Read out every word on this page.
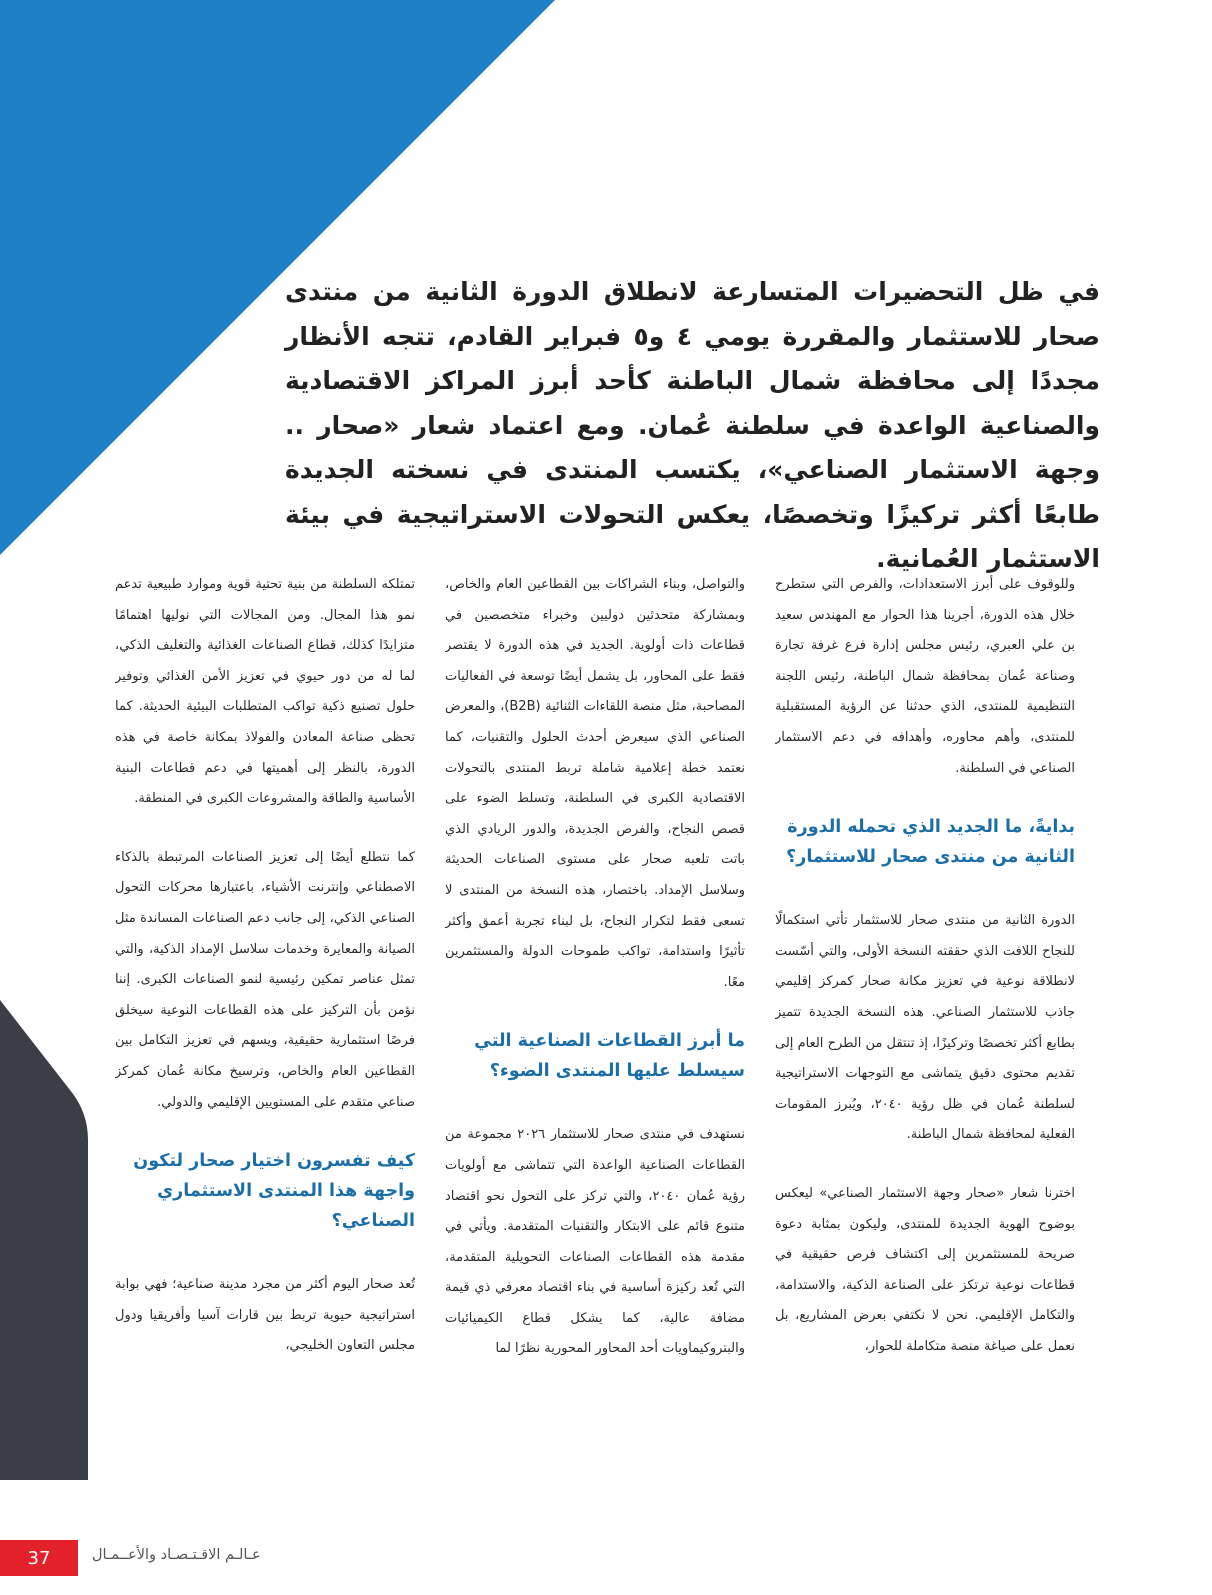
في ظل التحضيرات المتسارعة لانطلاق الدورة الثانية من منتدى صحار للاستثمار والمقررة يومي ٤ و٥ فبراير القادم، تتجه الأنظار مجددًا إلى محافظة شمال الباطنة كأحد أبرز المراكز الاقتصادية والصناعية الواعدة في سلطنة عُمان. ومع اعتماد شعار «صحار .. وجهة الاستثمار الصناعي»، يكتسب المنتدى في نسخته الجديدة طابعًا أكثر تركيزًا وتخصصًا، يعكس التحولات الاستراتيجية في بيئة الاستثمار العُمانية.

وللوقوف على أبرز الاستعدادات، والفرص التي ستطرح خلال هذه الدورة، أجرينا هذا الحوار مع المهندس سعيد بن علي العبري، رئيس مجلس إدارة فرع غرفة تجارة وصناعة عُمان بمحافظة شمال الباطنة، رئيس اللجنة التنظيمية للمنتدى، الذي حدثنا عن الرؤية المستقبلية للمنتدى، وأهم محاوره، وأهدافه في دعم الاستثمار الصناعي في السلطنة.

بدايةً، ما الجديد الذي تحمله الدورة الثانية من منتدى صحار للاستثمار؟

الدورة الثانية من منتدى صحار للاستثمار تأتي استكمالًا للنجاح اللافت الذي حققته النسخة الأولى، والتي أسّست لانطلاقة نوعية في تعزيز مكانة صحار كمركز إقليمي جاذب للاستثمار الصناعي. هذه النسخة الجديدة تتميز بطابع أكثر تخصصًا وتركيزًا، إذ تنتقل من الطرح العام إلى تقديم محتوى دقيق يتماشى مع التوجهات الاستراتيجية لسلطنة عُمان في ظل رؤية ٢٠٤٠، ويُبرز المقومات الفعلية لمحافظة شمال الباطنة.

اخترنا شعار «صحار وجهة الاستثمار الصناعي» ليعكس بوضوح الهوية الجديدة للمنتدى، وليكون بمثابة دعوة صريحة للمستثمرين إلى اكتشاف فرص حقيقية في قطاعات نوعية ترتكز على الصناعة الذكية، والاستدامة، والتكامل الإقليمي. نحن لا نكتفي بعرض المشاريع، بل نعمل على صياغة منصة متكاملة للحوار،

والتواصل، وبناء الشراكات بين القطاعين العام والخاص، وبمشاركة متحدثين دوليين وخبراء متخصصين في قطاعات ذات أولوية. الجديد في هذه الدورة لا يقتصر فقط على المحاور، بل يشمل أيضًا توسعة في الفعاليات المصاحبة، مثل منصة اللقاءات الثنائية (B2B)، والمعرض الصناعي الذي سيعرض أحدث الحلول والتقنيات، كما نعتمد خطة إعلامية شاملة تربط المنتدى بالتحولات الاقتصادية الكبرى في السلطنة، وتسلط الضوء على قصص النجاح، والفرص الجديدة، والدور الريادي الذي باتت تلعبه صحار على مستوى الصناعات الحديثة وسلاسل الإمداد. باختصار، هذه النسخة من المنتدى لا تسعى فقط لتكرار النجاح، بل لبناء تجربة أعمق وأكثر تأثيرًا واستدامة، تواكب طموحات الدولة والمستثمرين معًا.

ما أبرز القطاعات الصناعية التي سيسلط عليها المنتدى الضوء؟

نستهدف في منتدى صحار للاستثمار ٢٠٢٦ مجموعة من القطاعات الصناعية الواعدة التي تتماشى مع أولويات رؤية عُمان ٢٠٤٠، والتي تركز على التحول نحو اقتصاد متنوع قائم على الابتكار والتقنيات المتقدمة. ويأتي في مقدمة هذه القطاعات الصناعات التحويلية المتقدمة، التي تُعد ركيزة أساسية في بناء اقتصاد معرفي ذي قيمة مضافة عالية، كما يشكل قطاع الكيميائيات والبتروكيماويات أحد المحاور المحورية نظرًا لما

تمتلكه السلطنة من بنية تحتية قوية وموارد طبيعية تدعم نمو هذا المجال. ومن المجالات التي نوليها اهتمامًا متزايدًا كذلك، قطاع الصناعات الغذائية والتغليف الذكي، لما له من دور حيوي في تعزيز الأمن الغذائي وتوفير حلول تصنيع ذكية تواكب المتطلبات البيئية الحديثة. كما تحظى صناعة المعادن والفولاذ بمكانة خاصة في هذه الدورة، بالنظر إلى أهميتها في دعم قطاعات البنية الأساسية والطاقة والمشروعات الكبرى في المنطقة.

كما نتطلع أيضًا إلى تعزيز الصناعات المرتبطة بالذكاء الاصطناعي وإنترنت الأشياء، باعتبارها محركات التحول الصناعي الذكي، إلى جانب دعم الصناعات المساندة مثل الصيانة والمعايرة وخدمات سلاسل الإمداد الذكية، والتي تمثل عناصر تمكين رئيسية لنمو الصناعات الكبرى. إننا نؤمن بأن التركيز على هذه القطاعات النوعية سيخلق فرصًا استثمارية حقيقية، ويسهم في تعزيز التكامل بين القطاعين العام والخاص، وترسيخ مكانة عُمان كمركز صناعي متقدم على المستويين الإقليمي والدولي.

كيف تفسرون اختيار صحار لتكون واجهة هذا المنتدى الاستثماري الصناعي؟

تُعد صحار اليوم أكثر من مجرد مدينة صناعية؛ فهي بوابة استراتيجية حيوية تربط بين قارات آسيا وأفريقيا ودول مجلس التعاون الخليجي،

37	عـالـم الاقـتـصـاد والأعــمـال
